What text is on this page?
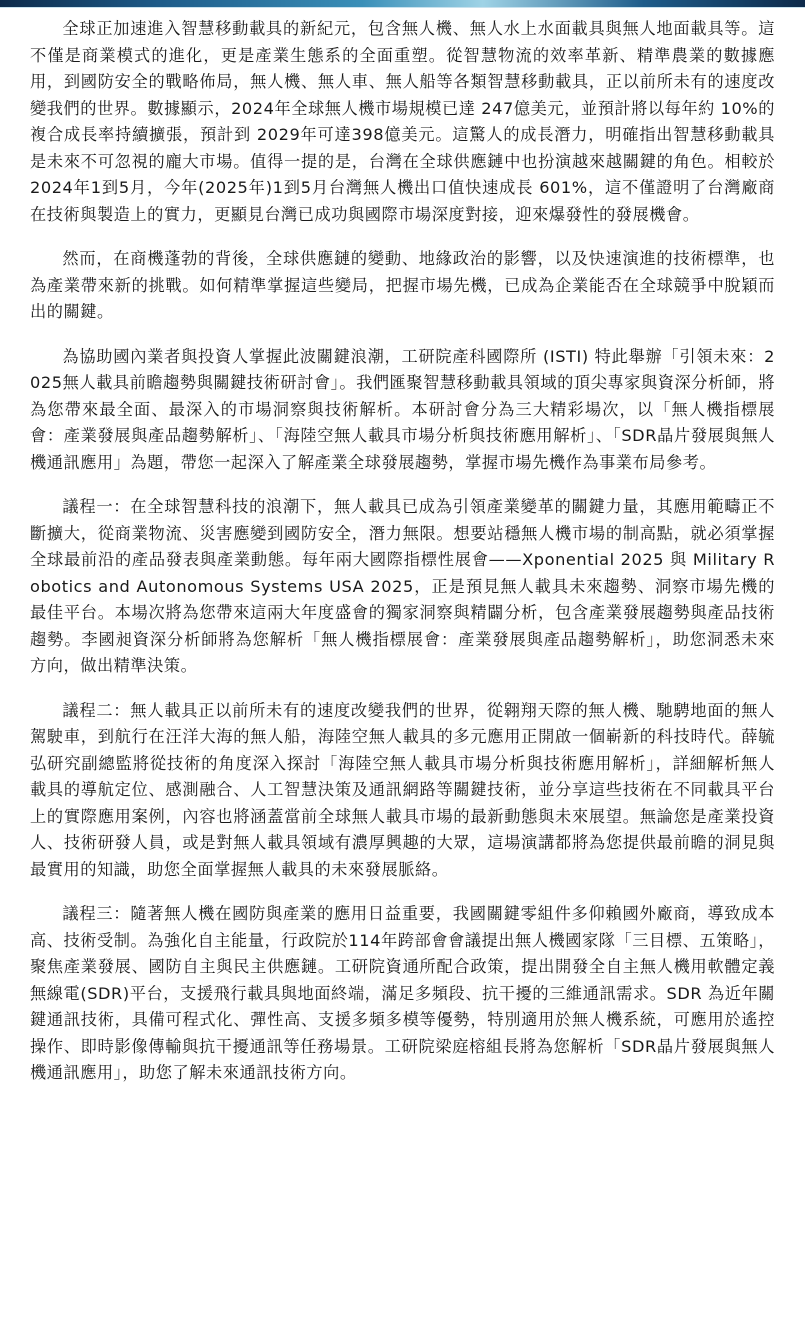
全球正加速進入智慧移動載具的新紀元，包含無人機、無人水上水面載具與無人地面載具等。這不僅是商業模式的進化，更是產業生態系的全面重塑。從智慧物流的效率革新、精準農業的數據應用，到國防安全的戰略佈局，無人機、無人車、無人船等各類智慧移動載具，正以前所未有的速度改變我們的世界。數據顯示，2024年全球無人機市場規模已達 247億美元，並預計將以每年約 10%的複合成長率持續擴張，預計到 2029年可達398億美元。這驚人的成長潛力，明確指出智慧移動載具是未來不可忽視的龐大市場。值得一提的是，台灣在全球供應鏈中也扮演越來越關鍵的角色。相較於2024年1到5月，今年(2025年)1到5月台灣無人機出口值快速成長 601%，這不僅證明了台灣廠商在技術與製造上的實力，更顯見台灣已成功與國際市場深度對接，迎來爆發性的發展機會。

然而，在商機蓬勃的背後，全球供應鏈的變動、地緣政治的影響，以及快速演進的技術標準，也為產業帶來新的挑戰。如何精準掌握這些變局，把握市場先機，已成為企業能否在全球競爭中脫穎而出的關鍵。

為協助國內業者與投資人掌握此波關鍵浪潮，工研院產科國際所 (ISTI) 特此舉辦「引領未來：2025無人載具前瞻趨勢與關鍵技術研討會」。我們匯聚智慧移動載具領域的頂尖專家與資深分析師，將為您帶來最全面、最深入的市場洞察與技術解析。本研討會分為三大精彩場次，以「無人機指標展會：產業發展與產品趨勢解析」、「海陸空無人載具市場分析與技術應用解析」、「SDR晶片發展與無人機通訊應用」為題，帶您一起深入了解產業全球發展趨勢，掌握市場先機作為事業布局參考。

議程一：在全球智慧科技的浪潮下，無人載具已成為引領產業變革的關鍵力量，其應用範疇正不斷擴大，從商業物流、災害應變到國防安全，潛力無限。想要站穩無人機市場的制高點，就必須掌握全球最前沿的產品發表與產業動態。每年兩大國際指標性展會——Xponential 2025 與 Military Robotics and Autonomous Systems USA 2025，正是預見無人載具未來趨勢、洞察市場先機的最佳平台。本場次將為您帶來這兩大年度盛會的獨家洞察與精闢分析，包含產業發展趨勢與產品技術趨勢。李國昶資深分析師將為您解析「無人機指標展會：產業發展與產品趨勢解析」，助您洞悉未來方向，做出精準決策。

議程二：無人載具正以前所未有的速度改變我們的世界，從翱翔天際的無人機、馳騁地面的無人駕駛車，到航行在汪洋大海的無人船，海陸空無人載具的多元應用正開啟一個嶄新的科技時代。薛毓弘研究副總監將從技術的角度深入探討「海陸空無人載具市場分析與技術應用解析」，詳細解析無人載具的導航定位、感測融合、人工智慧決策及通訊網路等關鍵技術，並分享這些技術在不同載具平台上的實際應用案例，內容也將涵蓋當前全球無人載具市場的最新動態與未來展望。無論您是產業投資人、技術研發人員，或是對無人載具領域有濃厚興趣的大眾，這場演講都將為您提供最前瞻的洞見與最實用的知識，助您全面掌握無人載具的未來發展脈絡。

議程三：隨著無人機在國防與產業的應用日益重要，我國關鍵零組件多仰賴國外廠商，導致成本高、技術受制。為強化自主能量，行政院於114年跨部會會議提出無人機國家隊「三目標、五策略」，聚焦產業發展、國防自主與民主供應鏈。工研院資通所配合政策，提出開發全自主無人機用軟體定義無線電(SDR)平台，支援飛行載具與地面終端，滿足多頻段、抗干擾的三維通訊需求。SDR 為近年關鍵通訊技術，具備可程式化、彈性高、支援多頻多模等優勢，特別適用於無人機系統，可應用於遙控操作、即時影像傳輸與抗干擾通訊等任務場景。工研院梁庭榕組長將為您解析「SDR晶片發展與無人機通訊應用」，助您了解未來通訊技術方向。
